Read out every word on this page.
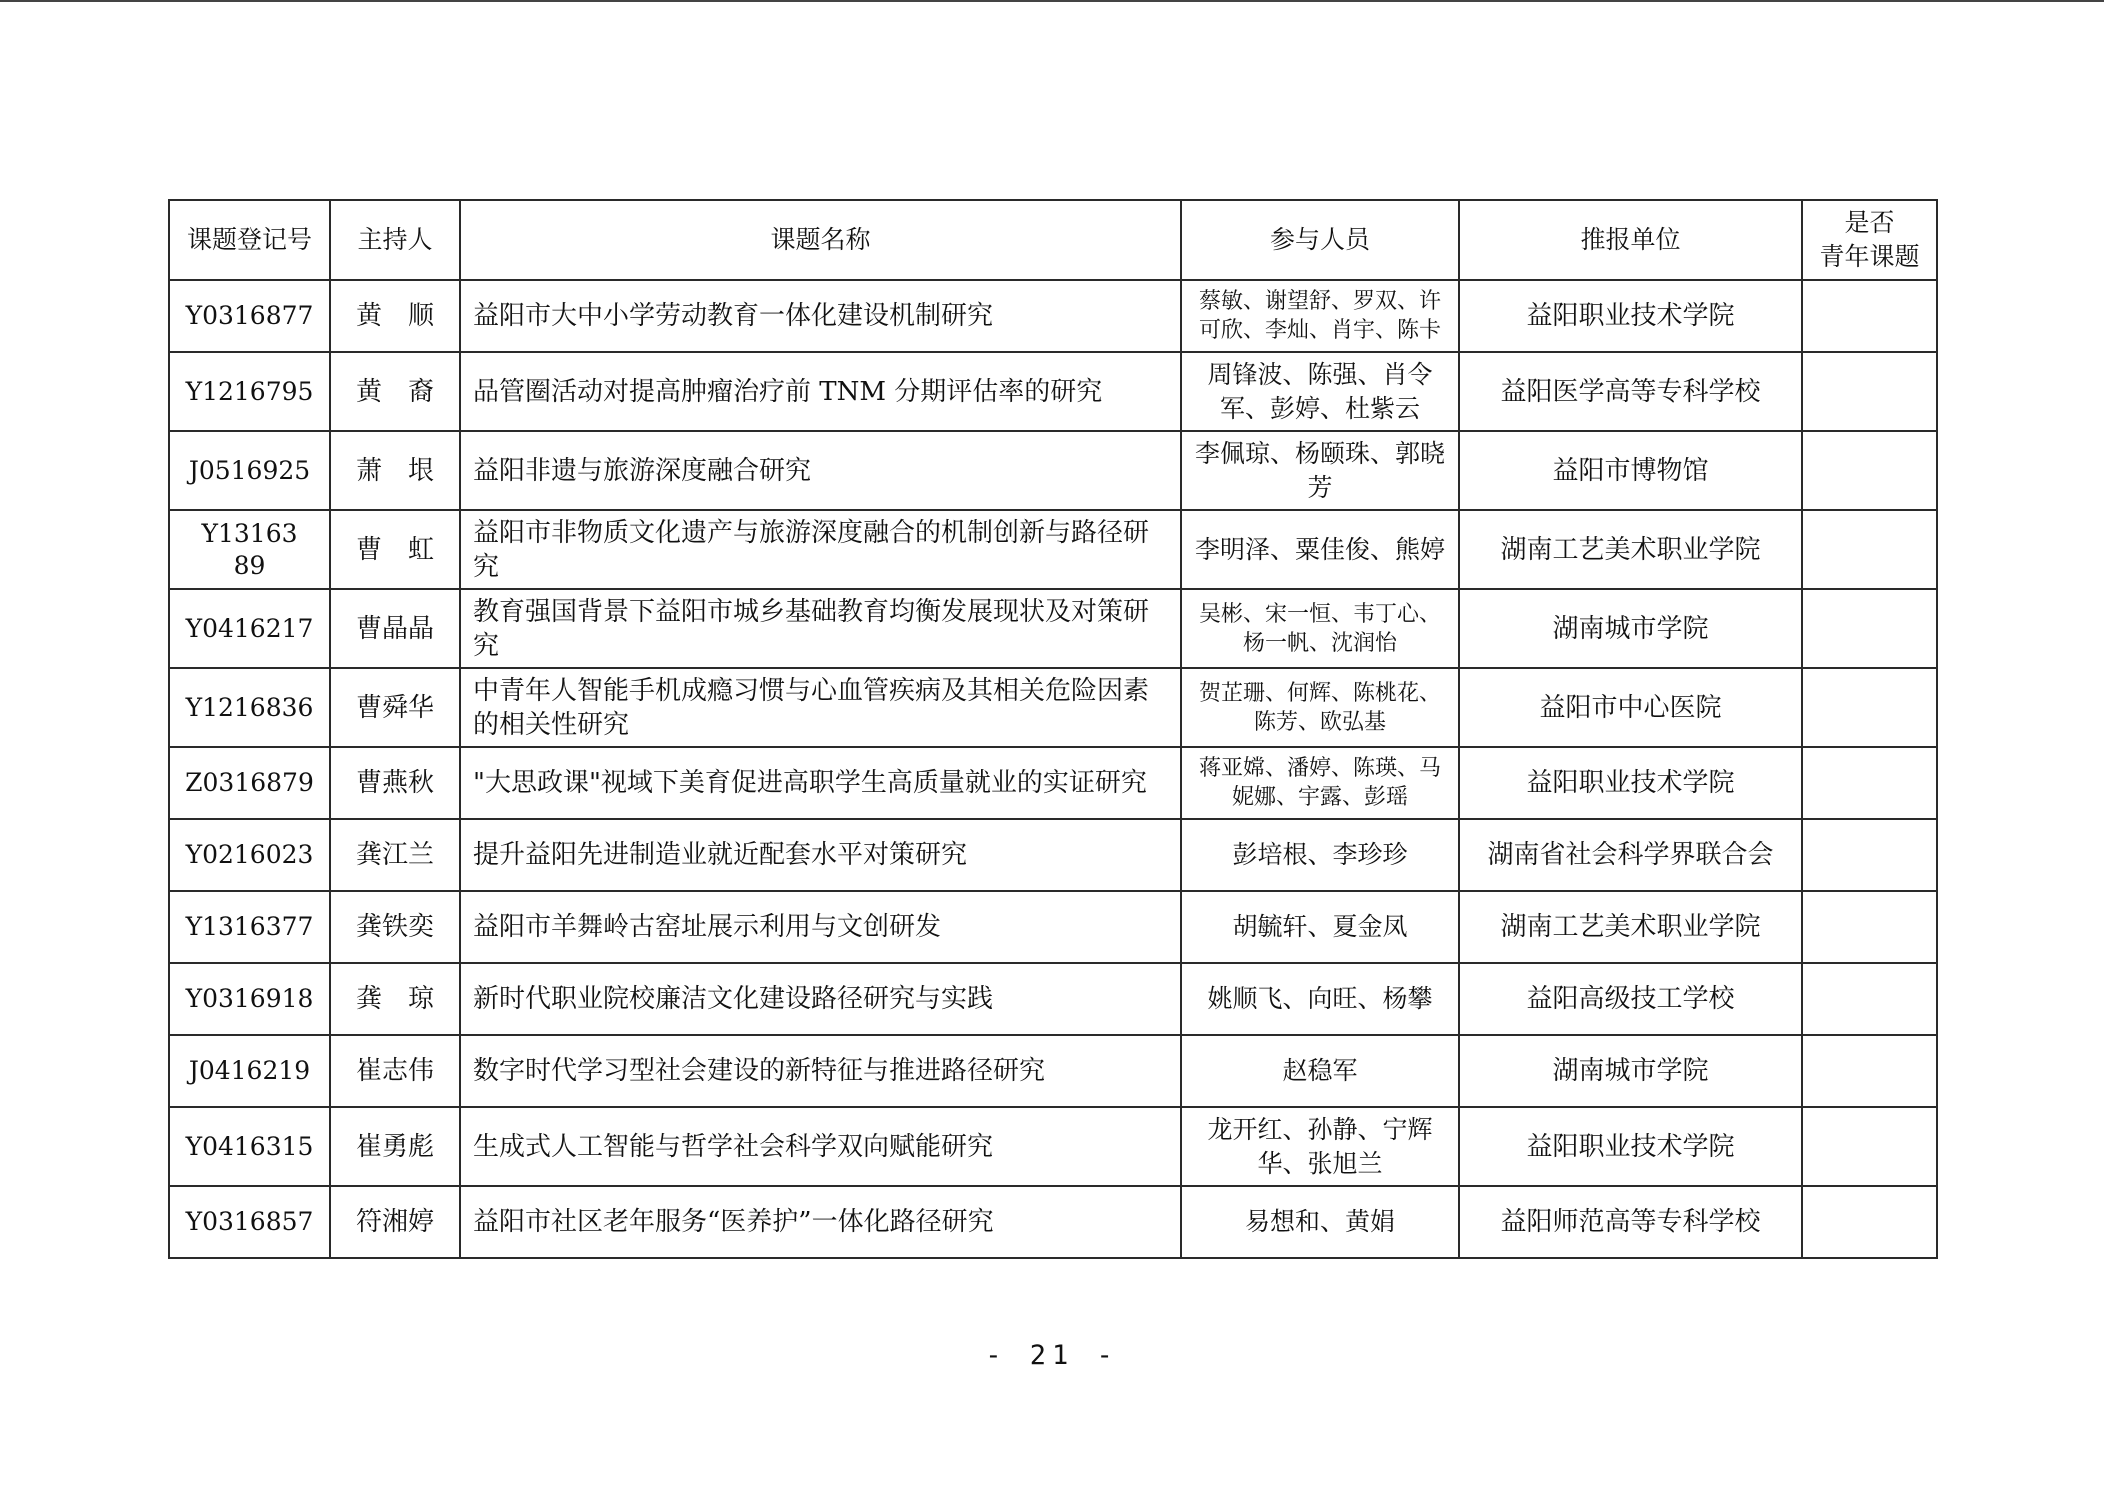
课题登记号	主持人	课题名称	参与人员	推报单位	是否
青年课题

Y0316877	黄　顺	益阳市大中小学劳动教育一体化建设机制研究	蔡敏、谢望舒、罗双、许可欣、李灿、肖宇、陈卡	益阳职业技术学院	
Y1216795	黄　裔	品管圈活动对提高肿瘤治疗前 TNM 分期评估率的研究	周锋波、陈强、肖令军、彭婷、杜紫云	益阳医学高等专科学校	
J0516925	萧　垠	益阳非遗与旅游深度融合研究	李佩琼、杨颐珠、郭晓芳	益阳市博物馆	
Y13163 89	曹　虹	益阳市非物质文化遗产与旅游深度融合的机制创新与路径研究	李明泽、粟佳俊、熊婷	湖南工艺美术职业学院	
Y0416217	曹晶晶	教育强国背景下益阳市城乡基础教育均衡发展现状及对策研究	吴彬、宋一恒、韦丁心、杨一帆、沈润怡	湖南城市学院	
Y1216836	曹舜华	中青年人智能手机成瘾习惯与心血管疾病及其相关危险因素的相关性研究	贺芷珊、何辉、陈桃花、陈芳、欧弘基	益阳市中心医院	
Z0316879	曹燕秋	"大思政课"视域下美育促进高职学生高质量就业的实证研究	蒋亚嫦、潘婷、陈瑛、马妮娜、宇露、彭瑶	益阳职业技术学院	
Y0216023	龚江兰	提升益阳先进制造业就近配套水平对策研究	彭培根、李珍珍	湖南省社会科学界联合会	
Y1316377	龚铁奕	益阳市羊舞岭古窑址展示利用与文创研发	胡毓轩、夏金凤	湖南工艺美术职业学院	
Y0316918	龚　琼	新时代职业院校廉洁文化建设路径研究与实践	姚顺飞、向旺、杨攀	益阳高级技工学校	
J0416219	崔志伟	数字时代学习型社会建设的新特征与推进路径研究	赵稳军	湖南城市学院	
Y0416315	崔勇彪	生成式人工智能与哲学社会科学双向赋能研究	龙开红、孙静、宁辉华、张旭兰	益阳职业技术学院	
Y0316857	符湘婷	益阳市社区老年服务“医养护”一体化路径研究	易想和、黄娟	益阳师范高等专科学校	
- 21 -
